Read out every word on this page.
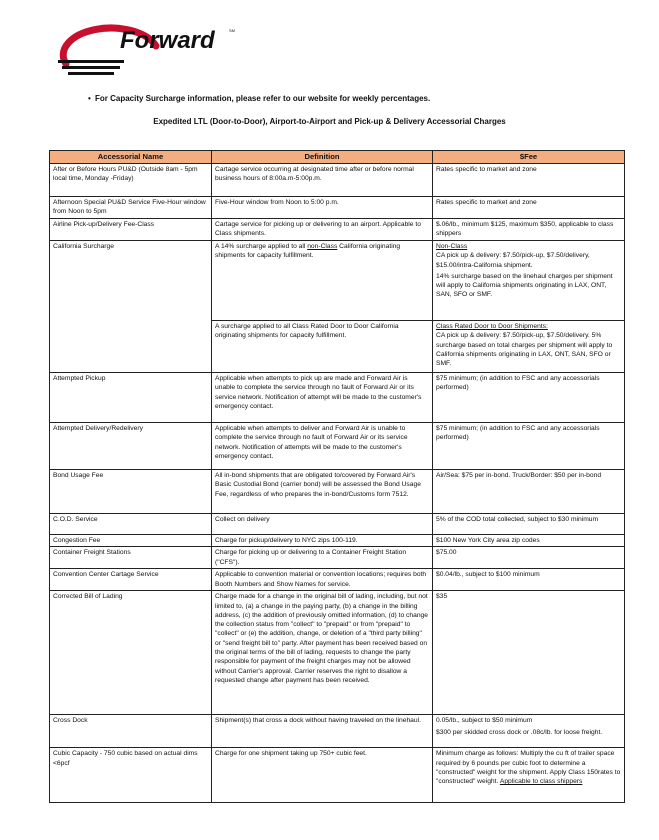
Forward	SM
• For Capacity Surcharge information, please refer to our website for weekly percentages.
Expedited LTL (Door-to-Door), Airport-to-Airport and Pick-up & Delivery Accessorial Charges
Accessorial Name	Definition	$Fee
After or Before Hours PU&D (Outside 8am - 5pm local time, Monday -Friday)	Cartage service occurring at designated time after or before normal business hours of 8:00a.m-5:00p.m.	Rates specific to market and zone
Afternoon Special PU&D Service Five-Hour window from Noon to 5pm	Five-Hour window from Noon to 5:00 p.m.	Rates specific to market and zone
Airline Pick-up/Delivery Fee-Class	Cartage service for picking up or delivering to an airport. Applicable to Class shipments.	$.06/lb., minimum $125, maximum $350, applicable to class shippers
California Surcharge	A 14% surcharge applied to all non-Class California originating shipments for capacity fulfillment.	Non-Class
CA pick up & delivery: $7.50/pick-up, $7.50/delivery, $15.00/intra-California shipment.
14% surcharge based on the linehaul charges per shipment will apply to California shipments originating in LAX, ONT, SAN, SFO or SMF.

	A surcharge applied to all Class Rated Door to Door California originating shipments for capacity fulfillment.	Class Rated Door to Door Shipments:
CA pick up & delivery: $7.50/pick-up, $7.50/delivery. 5% surcharge based on total charges per shipment will apply to California shipments originating in LAX, ONT, SAN, SFO or SMF.

Attempted Pickup	Applicable when attempts to pick up are made and Forward Air is unable to complete the service through no fault of Forward Air or its service network. Notification of attempt will be made to the customer's emergency contact.	$75 minimum; (in addition to FSC and any accessorials performed)
Attempted Delivery/Redelivery	Applicable when attempts to deliver and Forward Air is unable to complete the service through no fault of Forward Air or its service network. Notification of attempts will be made to the customer's emergency contact.	$75 minimum; (in addition to FSC and any accessorials performed)
Bond Usage Fee	All in-bond shipments that are obligated to/covered by Forward Air's Basic Custodial Bond (carrier bond) will be assessed the Bond Usage Fee, regardless of who prepares the in-bond/Customs form 7512.	Air/Sea: $75 per in-bond. Truck/Border: $50 per in-bond
C.O.D. Service	Collect on delivery	5% of the COD total collected, subject to $30 minimum
Congestion Fee	Charge for pickup/delivery to NYC zips 100-119.	$100 New York City area zip codes
Container Freight Stations	Charge for picking up or delivering to a Container Freight Station ("CFS").	$75.00
Convention Center Cartage Service	Applicable to convention material or convention locations; requires both Booth Numbers and Show Names for service.	$0.04/lb., subject to $100 minimum
Corrected Bill of Lading	Charge made for a change in the original bill of lading, including, but not limited to, (a) a change in the paying party, (b) a change in the billing address, (c) the addition of previously omitted information, (d) to change the collection status from "collect" to "prepaid" or from "prepaid" to "collect" or (e) the addition, change, or deletion of a "third party billing" or "send freight bill to" party. After payment has been received based on the original terms of the bill of lading, requests to change the party responsible for payment of the freight charges may not be allowed without Carrier's approval. Carrier reserves the right to disallow a requested change after payment has been received.	$35
Cross Dock	Shipment(s) that cross a dock without having traveled on the linehaul.	0.05/lb., subject to $50 minimum
$300 per skidded cross dock or .08c/lb. for loose freight.

Cubic Capacity - 750 cubic based on actual dims <6pcf	Charge for one shipment taking up 750+ cubic feet.	Minimum charge as follows: Multiply the cu ft of trailer space required by 6 pounds per cubic foot to determine a "constructed" weight for the shipment. Apply Class 150rates to "constructed" weight. Applicable to class shippers
